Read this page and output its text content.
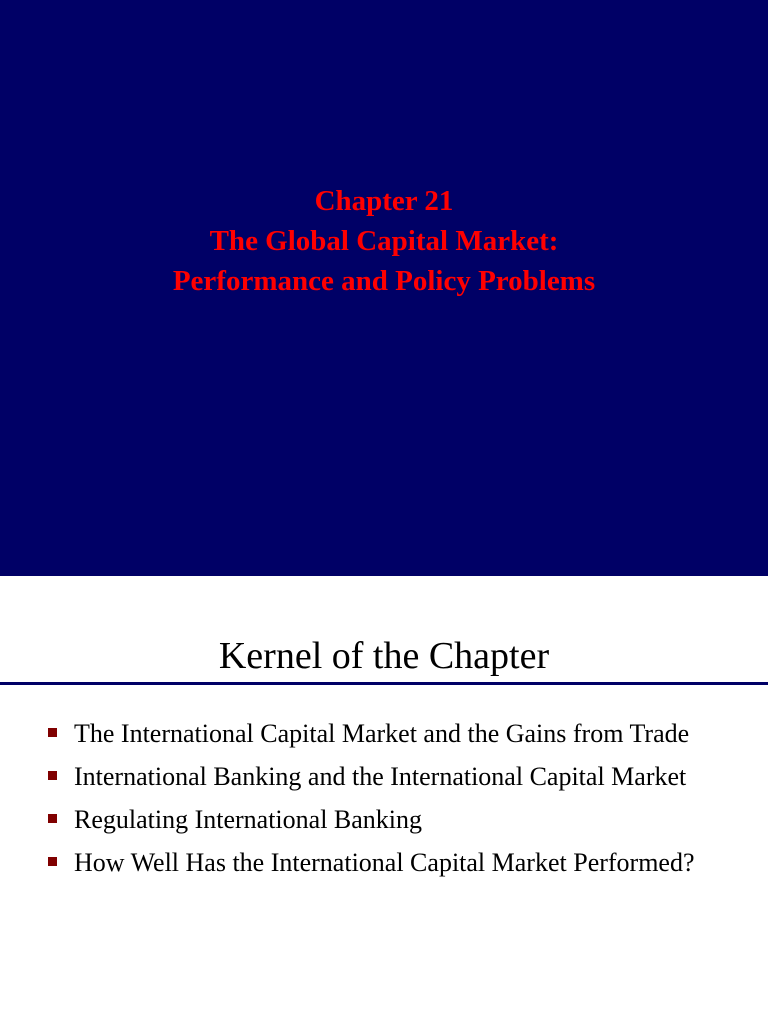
Chapter 21
The Global Capital Market:
Performance and Policy Problems
Kernel of the Chapter
The International Capital Market and the Gains from Trade
International Banking and the International Capital Market
Regulating International Banking
How Well Has the International Capital Market Performed?
